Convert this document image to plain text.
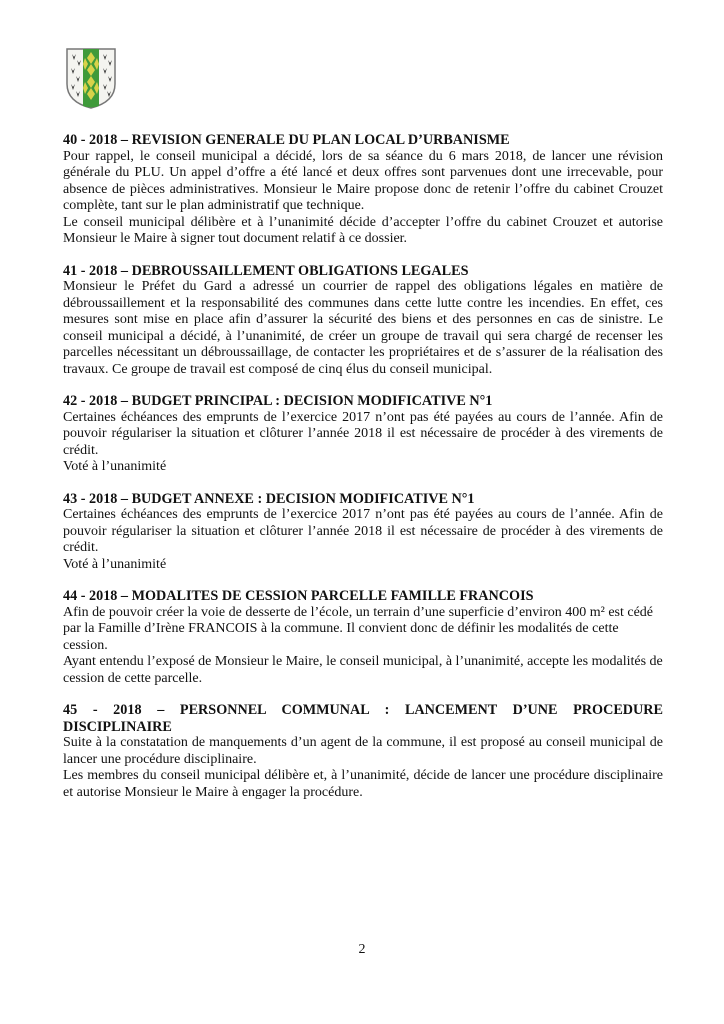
40 - 2018 – REVISION GENERALE DU PLAN LOCAL D’URBANISME

Pour rappel, le conseil municipal a décidé, lors de sa séance du 6 mars 2018, de lancer une révision générale du PLU. Un appel d’offre a été lancé et deux offres sont parvenues dont une irrecevable, pour absence de pièces administratives. Monsieur le Maire propose donc de retenir l’offre du cabinet Crouzet complète, tant sur le plan administratif que technique.

Le conseil municipal délibère et à l’unanimité décide d’accepter l’offre du cabinet Crouzet et autorise Monsieur le Maire à signer tout document relatif à ce dossier.

41 - 2018 – DEBROUSSAILLEMENT OBLIGATIONS LEGALES

Monsieur le Préfet du Gard a adressé un courrier de rappel des obligations légales en matière de débroussaillement et la responsabilité des communes dans cette lutte contre les incendies. En effet, ces mesures sont mise en place afin d’assurer la sécurité des biens et des personnes en cas de sinistre. Le conseil municipal a décidé, à l’unanimité, de créer un groupe de travail qui sera chargé de recenser les parcelles nécessitant un débroussaillage, de contacter les propriétaires et de s’assurer de la réalisation des travaux. Ce groupe de travail est composé de cinq élus du conseil municipal.

42 - 2018 – BUDGET PRINCIPAL : DECISION MODIFICATIVE N°1

Certaines échéances des emprunts de l’exercice 2017 n’ont pas été payées au cours de l’année. Afin de pouvoir régulariser la situation et clôturer l’année 2018 il est nécessaire de procéder à des virements de crédit.

Voté à l’unanimité

43 - 2018 – BUDGET ANNEXE : DECISION MODIFICATIVE N°1

Certaines échéances des emprunts de l’exercice 2017 n’ont pas été payées au cours de l’année. Afin de pouvoir régulariser la situation et clôturer l’année 2018 il est nécessaire de procéder à des virements de crédit.

Voté à l’unanimité

44 - 2018 – MODALITES DE CESSION PARCELLE FAMILLE FRANCOIS

Afin de pouvoir créer la voie de desserte de l’école, un terrain d’une superficie d’environ 400 m² est cédé par la Famille d’Irène FRANCOIS à la commune. Il convient donc de définir les modalités de cette cession.

Ayant entendu l’exposé de Monsieur le Maire, le conseil municipal, à l’unanimité, accepte les modalités de cession de cette parcelle.

45 - 2018 – PERSONNEL COMMUNAL : LANCEMENT D’UNE PROCEDURE DISCIPLINAIRE

Suite à la constatation de manquements d’un agent de la commune, il est proposé au conseil municipal de lancer une procédure disciplinaire.

Les membres du conseil municipal délibère et, à l’unanimité, décide de lancer une procédure disciplinaire et autorise Monsieur le Maire à engager la procédure.

2
